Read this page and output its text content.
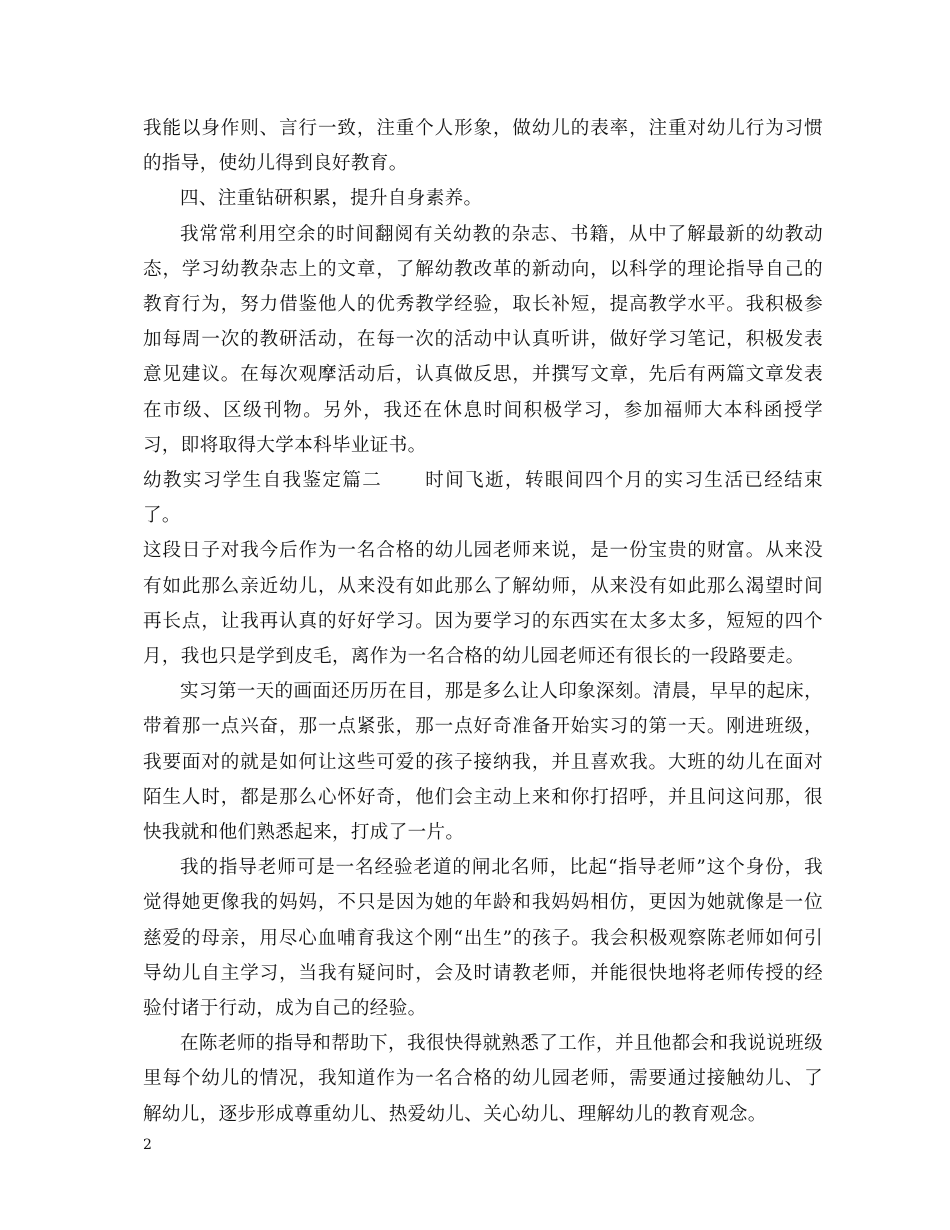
我能以身作则、言行一致，注重个人形象，做幼儿的表率，注重对幼儿行为习惯的指导，使幼儿得到良好教育。

四、注重钻研积累，提升自身素养。

我常常利用空余的时间翻阅有关幼教的杂志、书籍，从中了解最新的幼教动态，学习幼教杂志上的文章，了解幼教改革的新动向，以科学的理论指导自己的教育行为，努力借鉴他人的优秀教学经验，取长补短，提高教学水平。我积极参加每周一次的教研活动，在每一次的活动中认真听讲，做好学习笔记，积极发表意见建议。在每次观摩活动后，认真做反思，并撰写文章，先后有两篇文章发表在市级、区级刊物。另外，我还在休息时间积极学习，参加福师大本科函授学习，即将取得大学本科毕业证书。

幼教实习学生自我鉴定篇二 时间飞逝，转眼间四个月的实习生活已经结束了。

这段日子对我今后作为一名合格的幼儿园老师来说，是一份宝贵的财富。从来没有如此那么亲近幼儿，从来没有如此那么了解幼师，从来没有如此那么渴望时间再长点，让我再认真的好好学习。因为要学习的东西实在太多太多，短短的四个月，我也只是学到皮毛，离作为一名合格的幼儿园老师还有很长的一段路要走。

实习第一天的画面还历历在目，那是多么让人印象深刻。清晨，早早的起床，带着那一点兴奋，那一点紧张，那一点好奇准备开始实习的第一天。刚进班级，我要面对的就是如何让这些可爱的孩子接纳我，并且喜欢我。大班的幼儿在面对陌生人时，都是那么心怀好奇，他们会主动上来和你打招呼，并且问这问那，很快我就和他们熟悉起来，打成了一片。

我的指导老师可是一名经验老道的闸北名师，比起“指导老师”这个身份，我觉得她更像我的妈妈，不只是因为她的年龄和我妈妈相仿，更因为她就像是一位慈爱的母亲，用尽心血哺育我这个刚“出生”的孩子。我会积极观察陈老师如何引导幼儿自主学习，当我有疑问时，会及时请教老师，并能很快地将老师传授的经验付诸于行动，成为自己的经验。

在陈老师的指导和帮助下，我很快得就熟悉了工作，并且他都会和我说说班级里每个幼儿的情况，我知道作为一名合格的幼儿园老师，需要通过接触幼儿、了解幼儿，逐步形成尊重幼儿、热爱幼儿、关心幼儿、理解幼儿的教育观念。

2
